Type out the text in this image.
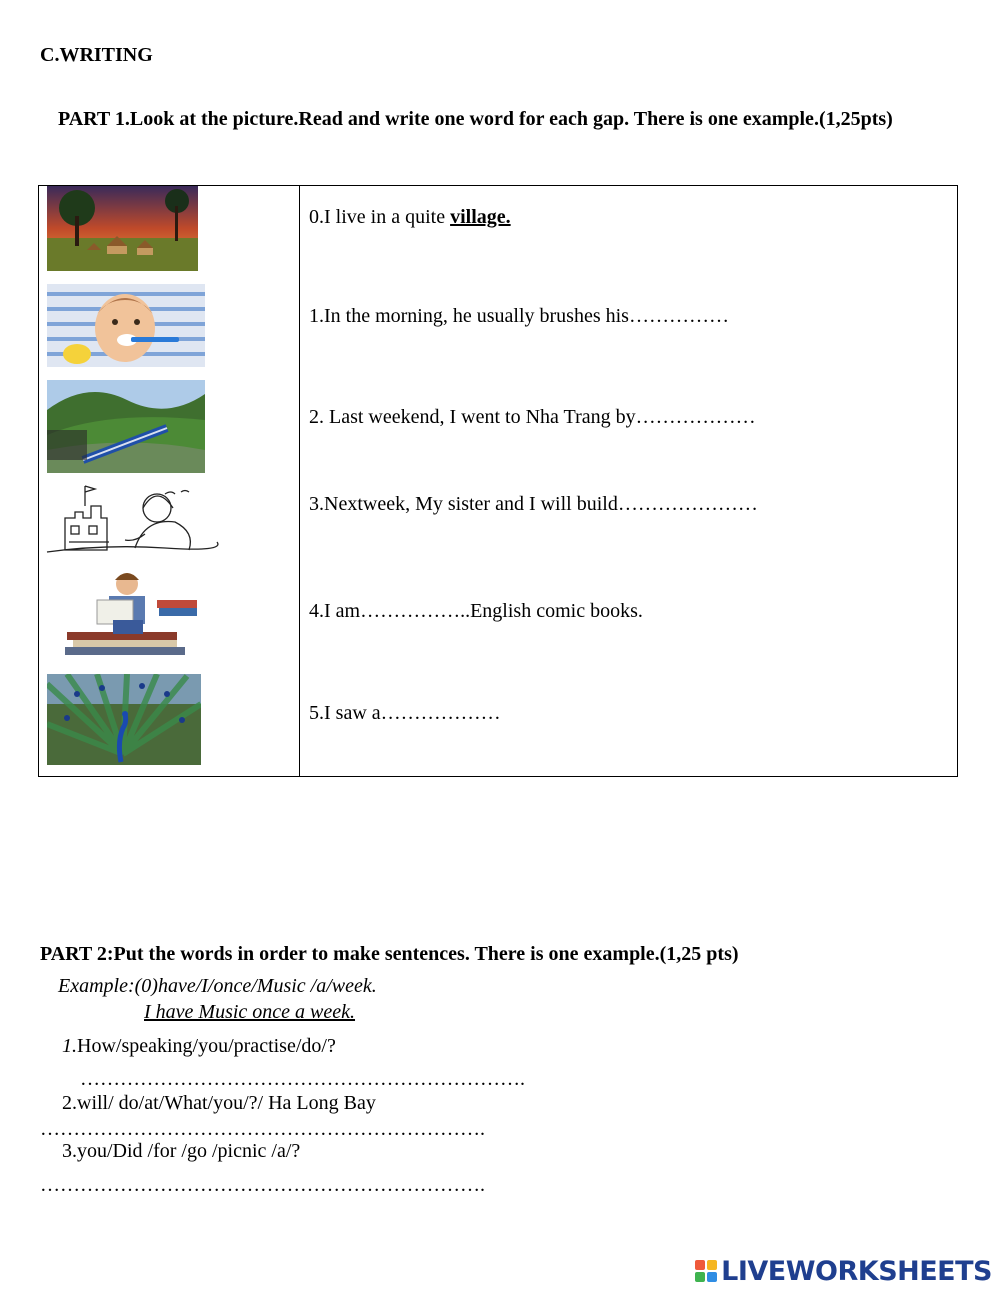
C.WRITING
PART 1.Look at the picture.Read and write one word for each gap. There is one example.(1,25pts)
0.I live in a quite village.
1.In the morning, he usually brushes his……………
2. Last weekend, I went to Nha Trang by………………
3.Nextweek, My sister and I will build…………………
4.I am……………..English comic books.
5.I saw a………………
PART 2:Put the words in order to make sentences. There is one example.(1,25 pts)
Example:(0)have/I/once/Music /a/week.
I have Music once a week.
1.How/speaking/you/practise/do/?
………………………………………………………….
2.will/ do/at/What/you/?/ Ha Long Bay
………………………………………………………….
3.you/Did /for /go /picnic /a/?
………………………………………………………….
LIVEWORKSHEETS
